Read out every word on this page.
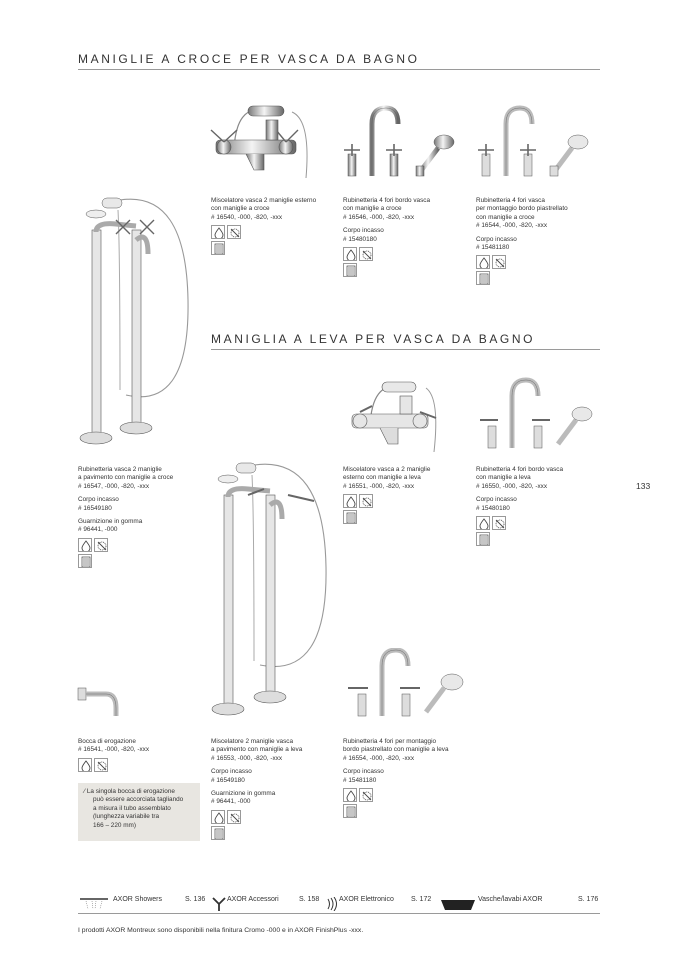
MANIGLIE A CROCE PER VASCA DA BAGNO
MANIGLIA A LEVA PER VASCA DA BAGNO
Miscelatore vasca 2 maniglie esterno
con maniglie a croce
# 16540, -000, -820, -xxx
Rubinetteria 4 fori bordo vasca
con maniglie a croce
# 16546, -000, -820, -xxx
Corpo incasso
# 15480180
Rubinetteria 4 fori vasca
per montaggio bordo piastrellato
con maniglie a croce
# 16544, -000, -820, -xxx
Corpo incasso
# 15481180
Rubinetteria vasca 2 maniglie
a pavimento con maniglie a croce
# 16547, -000, -820, -xxx
Corpo incasso
# 16549180
Guarnizione in gomma
# 96441, -000
Miscelatore vasca a 2 maniglie
esterno con maniglie a leva
# 16551, -000, -820, -xxx
Rubinetteria 4 fori bordo vasca
con maniglie a leva
# 16550, -000, -820, -xxx
Corpo incasso
# 15480180
Bocca di erogazione
# 16541, -000, -820, -xxx
Miscelatore 2 maniglie vasca
a pavimento con maniglie a leva
# 16553, -000, -820, -xxx
Corpo incasso
# 16549180
Guarnizione in gomma
# 96441, -000
Rubinetteria 4 fori per montaggio
bordo piastrellato con maniglie a leva
# 16554, -000, -820, -xxx
Corpo incasso
# 15481180
⁄ La singola bocca di erogazione
può essere accorciata tagliando
a misura il tubo assemblato
(lunghezza variabile tra
166 – 220 mm)
133
AXOR Showers	S. 136	AXOR Accessori	S. 158	AXOR Elettronico S. 172	Vasche/lavabi AXOR	S. 176
I prodotti AXOR Montreux sono disponibili nella finitura Cromo -000 e in AXOR FinishPlus -xxx.
